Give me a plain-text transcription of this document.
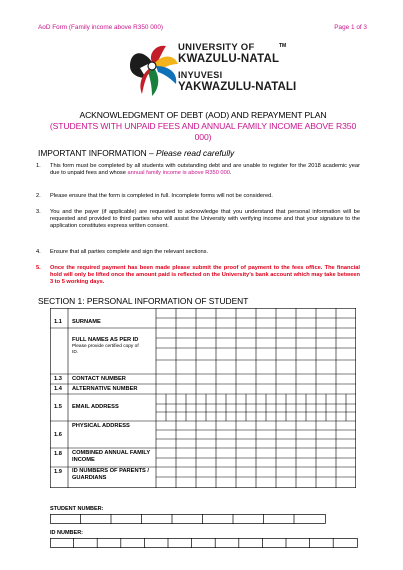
AoD Form (Family income above R350 000)	Page 1 of 3
UNIVERSITY OF	TM
KWAZULU-NATAL
INYUVESI
YAKWAZULU-NATALI
ACKNOWLEDGMENT OF DEBT (AOD) AND REPAYMENT PLAN
(STUDENTS WITH UNPAID FEES AND ANNUAL FAMILY INCOME ABOVE R350
000)
IMPORTANT INFORMATION – Please read carefully
1. This form must be completed by all students with outstanding debt and are unable to register for the 2018 academic year due to unpaid fees and whose annual family income is above R350 000.
2. Please ensure that the form is completed in full. Incomplete forms will not be considered.
3. You and the payer (if applicable) are requested to acknowledge that you understand that personal information will be requested and provided to third parties who will assist the University with verifying income and that your signature to the application constitutes express written consent.
4. Ensure that all parties complete and sign the relevant sections.
5. Once the required payment has been made please submit the proof of payment to the fees office. The financial hold will only be lifted once the amount paid is reflected on the University’s bank account which may take between 3 to 5 working days.
SECTION 1: PERSONAL INFORMATION OF STUDENT
1.1 SURNAME
FULL NAMES AS PER ID
Please provide certified copy of ID.
1.3 CONTACT NUMBER
1.4 ALTERNATIVE NUMBER
1.5 EMAIL ADDRESS
1.6
PHYSICAL ADDRESS
1.8 COMBINED ANNUAL FAMILY INCOME
1.9 ID NUMBERS OF PARENTS / GUARDIANS
STUDENT NUMBER:
ID NUMBER:
